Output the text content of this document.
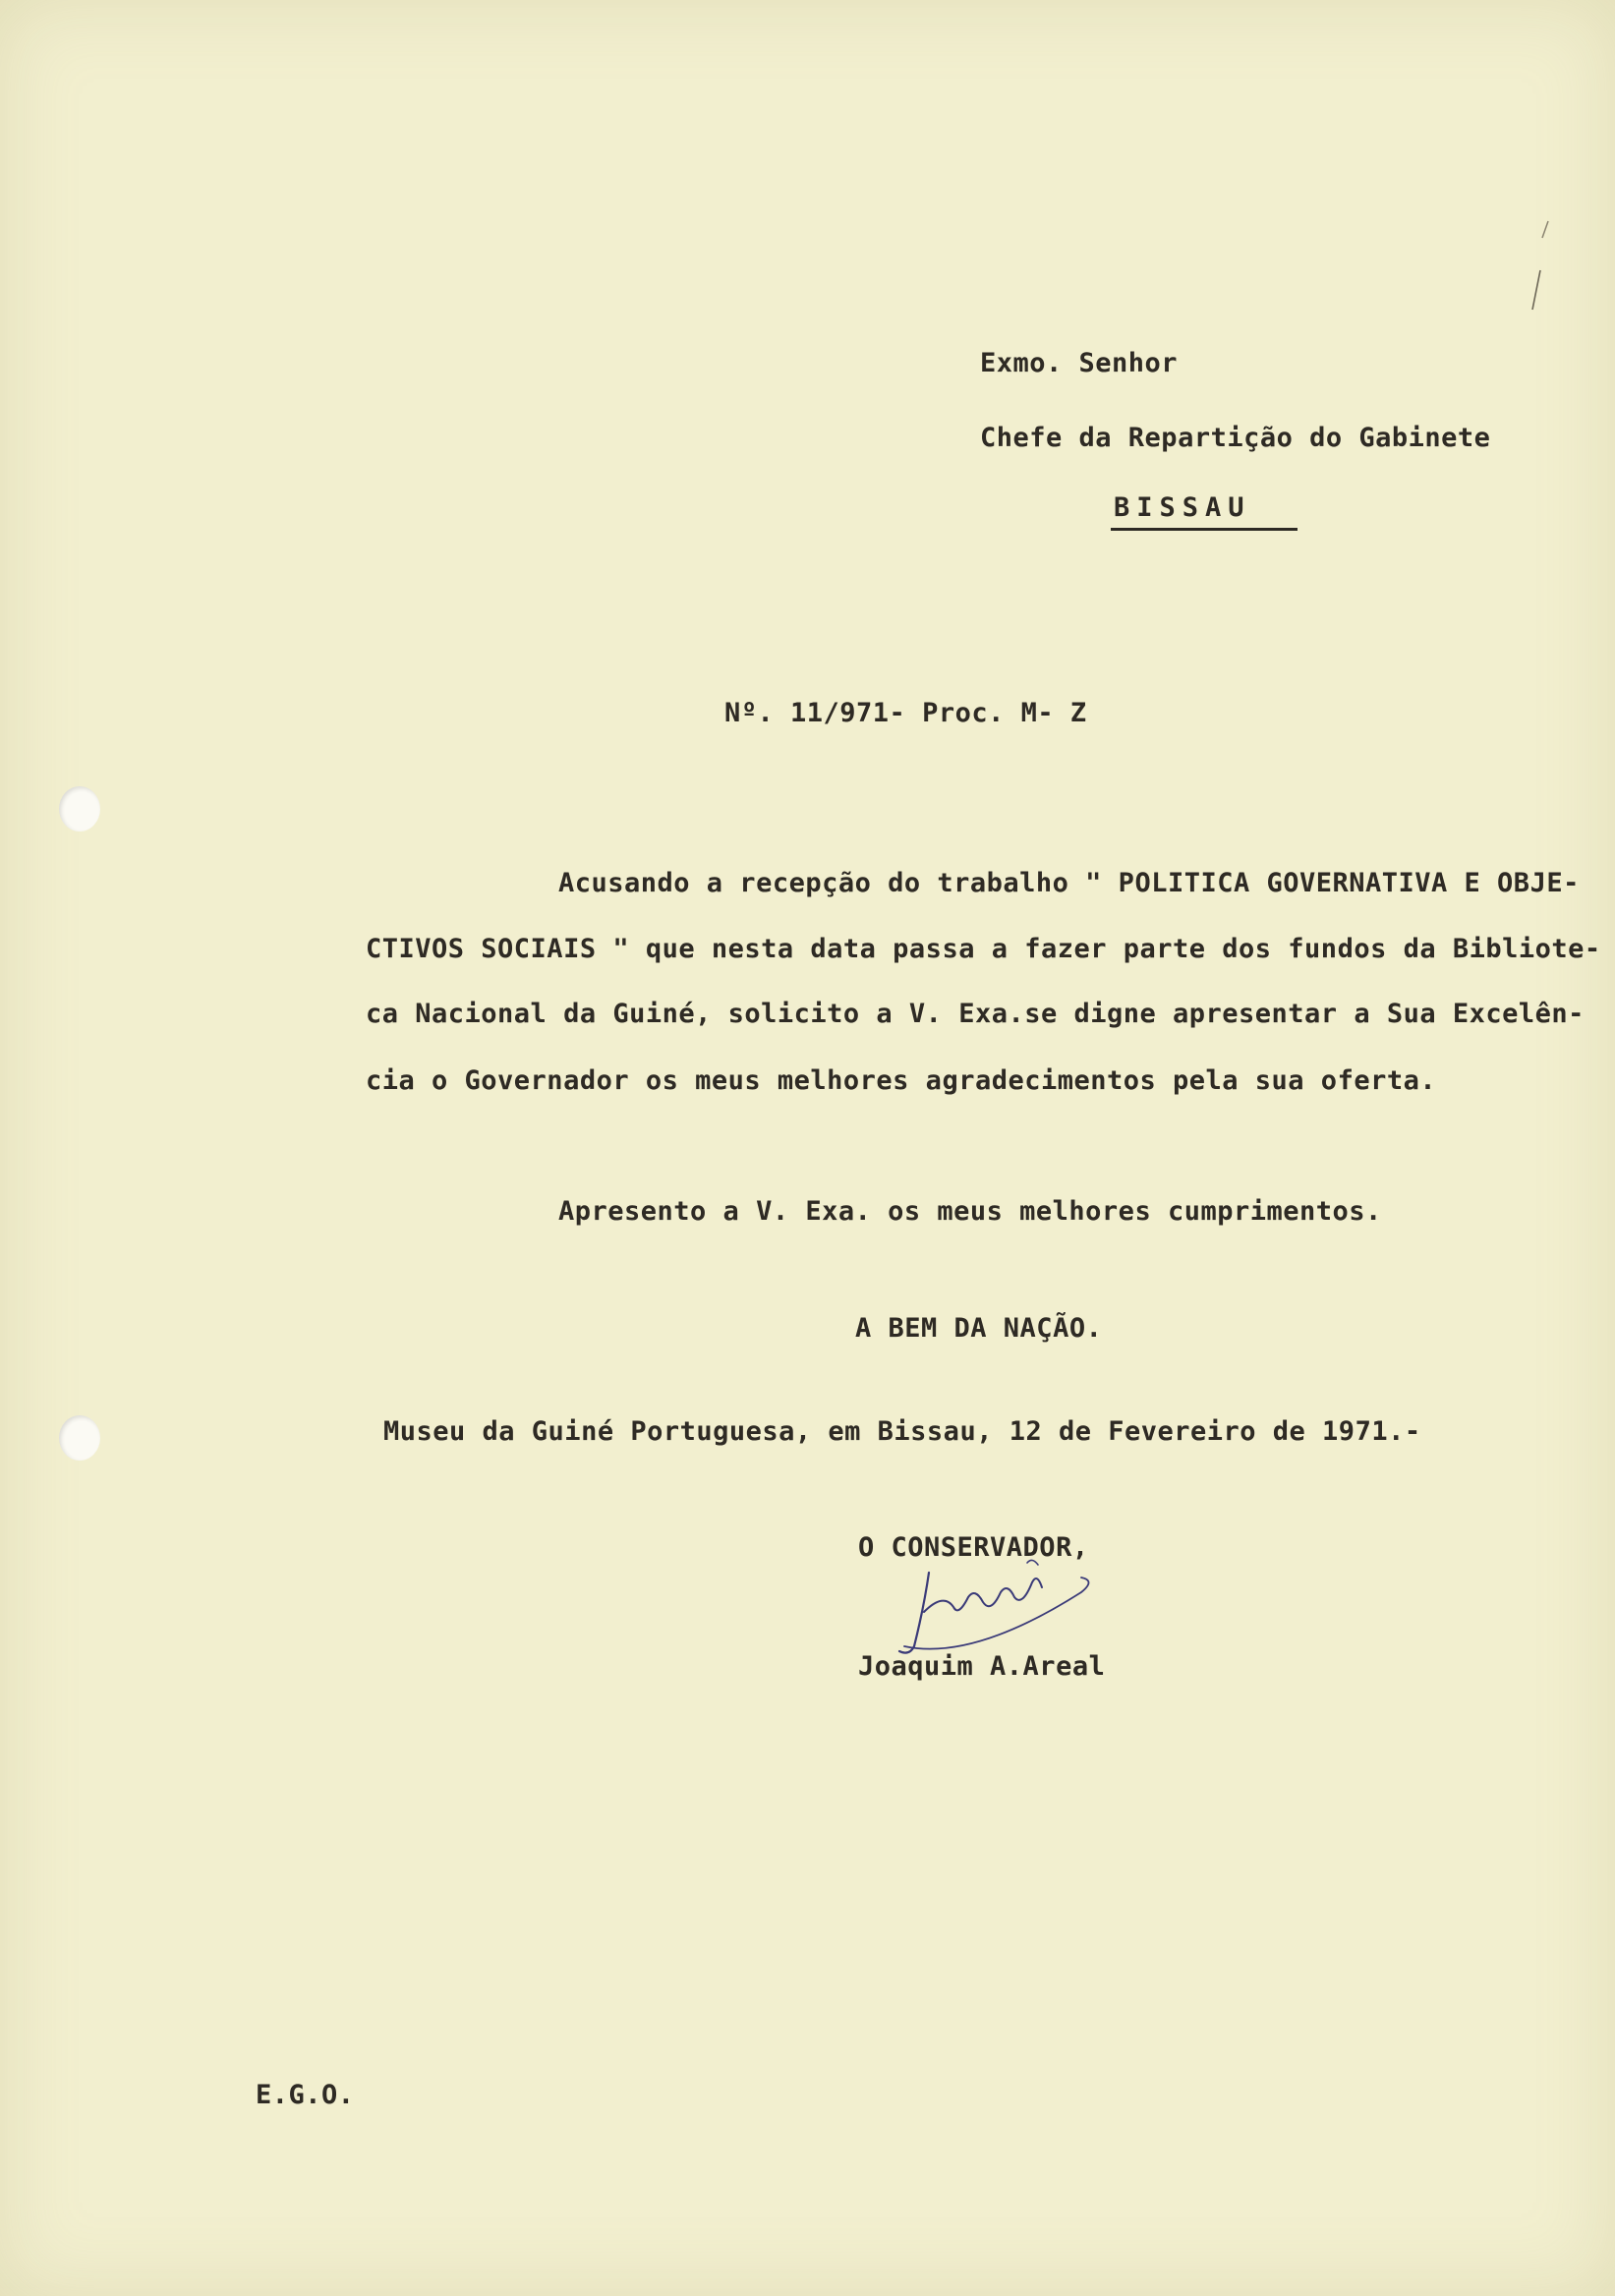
Exmo. Senhor
Chefe da Repartição do Gabinete
BISSAU
Nº. 11/971- Proc. M- Z
Acusando a recepção do trabalho " POLITICA GOVERNATIVA E OBJE-
CTIVOS SOCIAIS " que nesta data passa a fazer parte dos fundos da Bibliote-
ca Nacional da Guiné, solicito a V. Exa.se digne apresentar a Sua Excelên-
cia o Governador os meus melhores agradecimentos pela sua oferta.
Apresento a V. Exa. os meus melhores cumprimentos.
A BEM DA NAÇÃO.
Museu da Guiné Portuguesa, em Bissau, 12 de Fevereiro de 1971.-
O CONSERVADOR,
Joaquim A.Areal
E.G.O.
